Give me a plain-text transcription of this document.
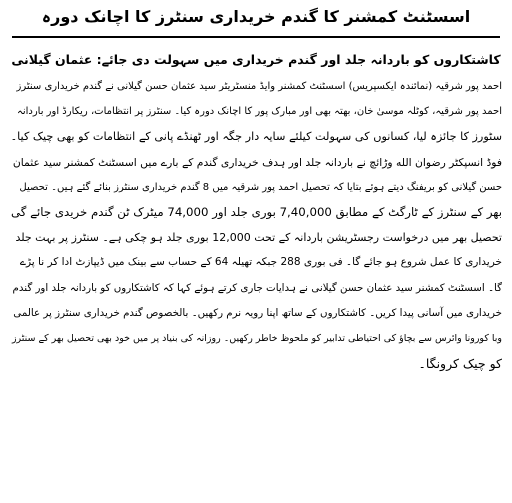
اسسٹنٹ کمشنر کا گندم خریداری سنٹرز کا اچانک دورہ
کاشتکاروں کو باردانہ جلد اور گندم خریداری میں سہولت دی جائے: عثمان گیلانی
احمد پور شرقیہ (نمائندہ ایکسپریس) اسسٹنٹ کمشنر وایڈ منسٹریٹر سید عثمان حسن گیلانی نے گندم خریداری سنٹرز
احمد پور شرقیہ، کوٹلہ موسیٰ خان، بھتہ بھی اور مبارک پور کا اچانک دورہ کیا۔ سنٹرز پر انتظامات، ریکارڈ اور باردانہ
سٹورز کا جائزہ لیا، کسانوں کی سہولت کیلئے سایہ دار جگہ اور ٹھنڈے پانی کے انتظامات کو بھی چیک کیا۔
فوڈ انسپکٹر رضوان الله وڑائچ نے باردانہ جلد اور ہدف خریداری گندم کے بارے میں اسسٹنٹ کمشنر سید عثمان
حسن گیلانی کو بریفنگ دیتے ہوئے بتایا کہ تحصیل احمد پور شرقیہ میں 8 گندم خریداری سنٹرز بنائے گئے ہیں۔ تحصیل
بھر کے سنٹرز کے ٹارگٹ کے مطابق 7,40,000 بوری جلد اور 74,000 میٹرک ٹن گندم خریدی جائے گی
تحصیل بھر میں درخواست رجسٹریشن باردانہ کے تحت 12,000 بوری جلد ہو چکی ہے۔ سنٹرز پر بہت جلد
خریداری کا عمل شروع ہو جائے گا۔ فی بوری 288 جبکہ تھیلہ 64 کے حساب سے بینک میں ڈیپازٹ ادا کر نا پڑے
گا۔ اسسٹنٹ کمشنر سید عثمان حسن گیلانی نے ہدایات جاری کرتے ہوئے کہا کہ کاشتکاروں کو باردانہ جلد اور گندم
خریداری میں آسانی پیدا کریں۔ کاشتکاروں کے ساتھ اپنا رویہ نرم رکھیں۔ بالخصوص گندم خریداری سنٹرز پر عالمی
وبا کورونا وائرس سے بچاؤ کی احتیاطی تدابیر کو ملحوظ خاطر رکھیں۔ روزانہ کی بنیاد پر میں خود بھی تحصیل بھر کے سنٹرز
کو چیک کرونگا۔
